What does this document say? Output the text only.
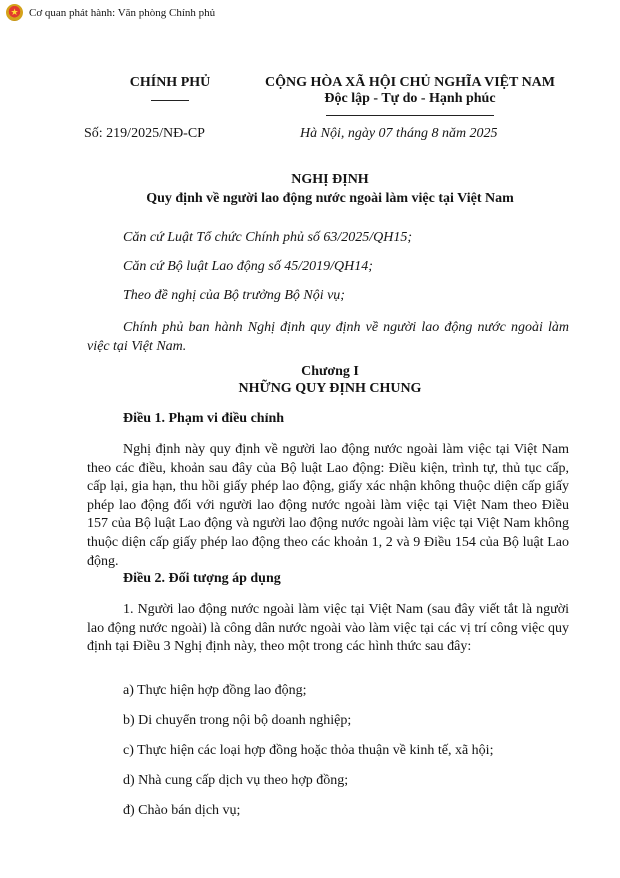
★ Cơ quan phát hành: Văn phòng Chính phủ
CHÍNH PHỦ	CỘNG HÒA XÃ HỘI CHỦ NGHĨA VIỆT NAM
Độc lập - Tự do - Hạnh phúc
Số: 219/2025/NĐ-CP	Hà Nội, ngày 07 tháng 8 năm 2025
NGHỊ ĐỊNH
Quy định về người lao động nước ngoài làm việc tại Việt Nam

Căn cứ Luật Tổ chức Chính phủ số 63/2025/QH15;

Căn cứ Bộ luật Lao động số 45/2019/QH14;

Theo đề nghị của Bộ trưởng Bộ Nội vụ;

Chính phủ ban hành Nghị định quy định về người lao động nước ngoài làm việc tại Việt Nam.

Chương I
NHỮNG QUY ĐỊNH CHUNG
Điều 1. Phạm vi điều chỉnh

Nghị định này quy định về người lao động nước ngoài làm việc tại Việt Nam theo các điều, khoản sau đây của Bộ luật Lao động: Điều kiện, trình tự, thủ tục cấp, cấp lại, gia hạn, thu hồi giấy phép lao động, giấy xác nhận không thuộc diện cấp giấy phép lao động đối với người lao động nước ngoài làm việc tại Việt Nam theo Điều 157 của Bộ luật Lao động và người lao động nước ngoài làm việc tại Việt Nam không thuộc diện cấp giấy phép lao động theo các khoản 1, 2 và 9 Điều 154 của Bộ luật Lao động.

Điều 2. Đối tượng áp dụng

1. Người lao động nước ngoài làm việc tại Việt Nam (sau đây viết tắt là người lao động nước ngoài) là công dân nước ngoài vào làm việc tại các vị trí công việc quy định tại Điều 3 Nghị định này, theo một trong các hình thức sau đây:

a) Thực hiện hợp đồng lao động;
b) Di chuyển trong nội bộ doanh nghiệp;
c) Thực hiện các loại hợp đồng hoặc thỏa thuận về kinh tế, xã hội;
d) Nhà cung cấp dịch vụ theo hợp đồng;
đ) Chào bán dịch vụ;
